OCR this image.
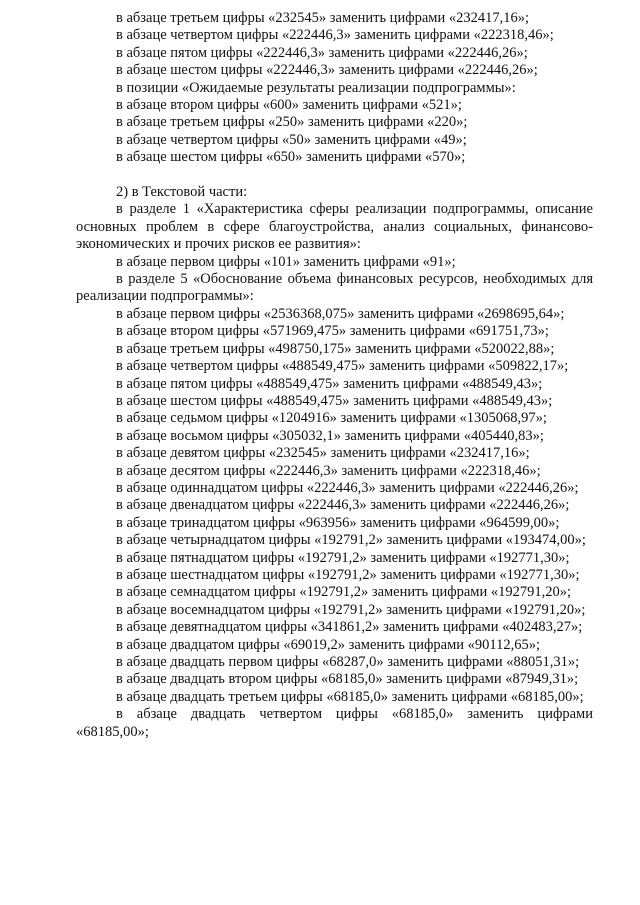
в абзаце третьем цифры «232545» заменить цифрами «232417,16»;

в абзаце четвертом цифры «222446,3» заменить цифрами «222318,46»;

в абзаце пятом цифры «222446,3» заменить цифрами «222446,26»;

в абзаце шестом цифры «222446,3» заменить цифрами «222446,26»;

в позиции «Ожидаемые результаты реализации подпрограммы»:

в абзаце втором цифры «600» заменить цифрами «521»;

в абзаце третьем цифры «250» заменить цифрами «220»;

в абзаце четвертом цифры «50» заменить цифрами «49»;

в абзаце шестом цифры «650» заменить цифрами «570»;

2) в Текстовой части:

в разделе 1 «Характеристика сферы реализации подпрограммы, описание основных проблем в сфере благоустройства, анализ социальных, финансово-экономических и прочих рисков ее развития»:

в абзаце первом цифры «101» заменить цифрами «91»;

в разделе 5 «Обоснование объема финансовых ресурсов, необходимых для реализации подпрограммы»:

в абзаце первом цифры «2536368,075» заменить цифрами «2698695,64»;

в абзаце втором цифры «571969,475» заменить цифрами «691751,73»;

в абзаце третьем цифры «498750,175» заменить цифрами «520022,88»;

в абзаце четвертом цифры «488549,475» заменить цифрами «509822,17»;

в абзаце пятом цифры «488549,475» заменить цифрами «488549,43»;

в абзаце шестом цифры «488549,475» заменить цифрами «488549,43»;

в абзаце седьмом цифры «1204916» заменить цифрами «1305068,97»;

в абзаце восьмом цифры «305032,1» заменить цифрами «405440,83»;

в абзаце девятом цифры «232545» заменить цифрами «232417,16»;

в абзаце десятом цифры «222446,3» заменить цифрами «222318,46»;

в абзаце одиннадцатом цифры «222446,3» заменить цифрами «222446,26»;

в абзаце двенадцатом цифры «222446,3» заменить цифрами «222446,26»;

в абзаце тринадцатом цифры «963956» заменить цифрами «964599,00»;

в абзаце четырнадцатом цифры «192791,2» заменить цифрами «193474,00»;

в абзаце пятнадцатом цифры «192791,2» заменить цифрами «192771,30»;

в абзаце шестнадцатом цифры «192791,2» заменить цифрами «192771,30»;

в абзаце семнадцатом цифры «192791,2» заменить цифрами «192791,20»;

в абзаце восемнадцатом цифры «192791,2» заменить цифрами «192791,20»;

в абзаце девятнадцатом цифры «341861,2» заменить цифрами «402483,27»;

в абзаце двадцатом цифры «69019,2» заменить цифрами «90112,65»;

в абзаце двадцать первом цифры «68287,0» заменить цифрами «88051,31»;

в абзаце двадцать втором цифры «68185,0» заменить цифрами «87949,31»;

в абзаце двадцать третьем цифры «68185,0» заменить цифрами «68185,00»;

в абзаце двадцать четвертом цифры «68185,0» заменить цифрами «68185,00»;
